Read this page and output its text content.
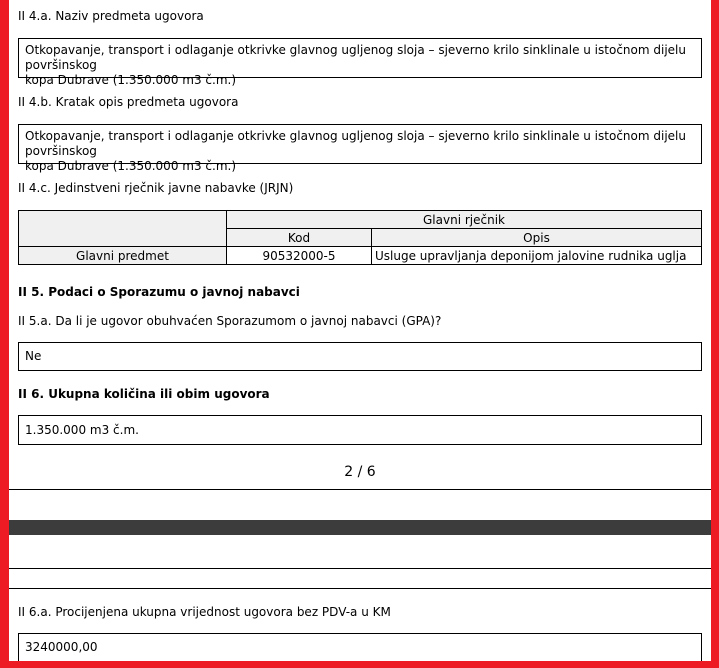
II 4.a. Naziv predmeta ugovora
Otkopavanje, transport i odlaganje otkrivke glavnog ugljenog sloja – sjeverno krilo sinklinale u istočnom dijelu površinskog
kopa Dubrave (1.350.000 m3 č.m.)
II 4.b. Kratak opis predmeta ugovora
Otkopavanje, transport i odlaganje otkrivke glavnog ugljenog sloja – sjeverno krilo sinklinale u istočnom dijelu površinskog
kopa Dubrave (1.350.000 m3 č.m.)
II 4.c. Jedinstveni rječnik javne nabavke (JRJN)
	Glavni rječnik	
	Kod	Opis
Glavni predmet	90532000-5	Usluge upravljanja deponijom jalovine rudnika uglja
II 5. Podaci o Sporazumu o javnoj nabavci
II 5.a. Da li je ugovor obuhvaćen Sporazumom o javnoj nabavci (GPA)?
Ne
II 6. Ukupna količina ili obim ugovora
1.350.000 m3 č.m.
2 / 6
II 6.a. Procijenjena ukupna vrijednost ugovora bez PDV-a u KM
3240000,00
